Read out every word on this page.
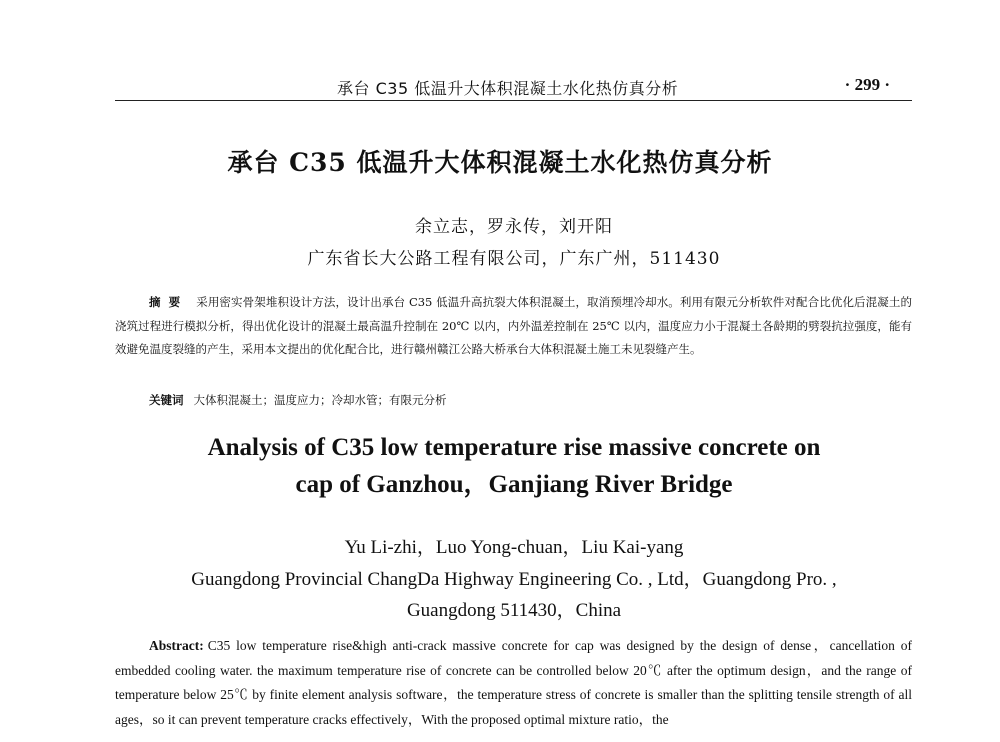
承台 C35 低温升大体积混凝土水化热仿真分析	· 299 ·
承台 C35 低温升大体积混凝土水化热仿真分析
余立志，罗永传，刘开阳
广东省长大公路工程有限公司，广东广州，511430
摘要 采用密实骨架堆积设计方法，设计出承台 C35 低温升高抗裂大体积混凝土，取消预埋冷却水。利用有限元分析软件对配合比优化后混凝土的浇筑过程进行模拟分析，得出优化设计的混凝土最高温升控制在 20℃ 以内，内外温差控制在 25℃ 以内，温度应力小于混凝土各龄期的劈裂抗拉强度，能有效避免温度裂缝的产生，采用本文提出的优化配合比，进行赣州赣江公路大桥承台大体积混凝土施工未见裂缝产生。
关键词 大体积混凝土；温度应力；冷却水管；有限元分析
Analysis of C35 low temperature rise massive concrete on
cap of Ganzhou，Ganjiang River Bridge
Yu Li-zhi，Luo Yong-chuan，Liu Kai-yang
Guangdong Provincial ChangDa Highway Engineering Co. , Ltd，Guangdong Pro. ,
Guangdong 511430，China
Abstract: C35 low temperature rise&high anti-crack massive concrete for cap was designed by the design of dense，cancellation of embedded cooling water. the maximum temperature rise of concrete can be controlled below 20℃ after the optimum design，and the range of temperature below 25℃ by finite element analysis software，the temperature stress of concrete is smaller than the splitting tensile strength of all ages，so it can prevent temperature cracks effectively，With the proposed optimal mixture ratio，the
